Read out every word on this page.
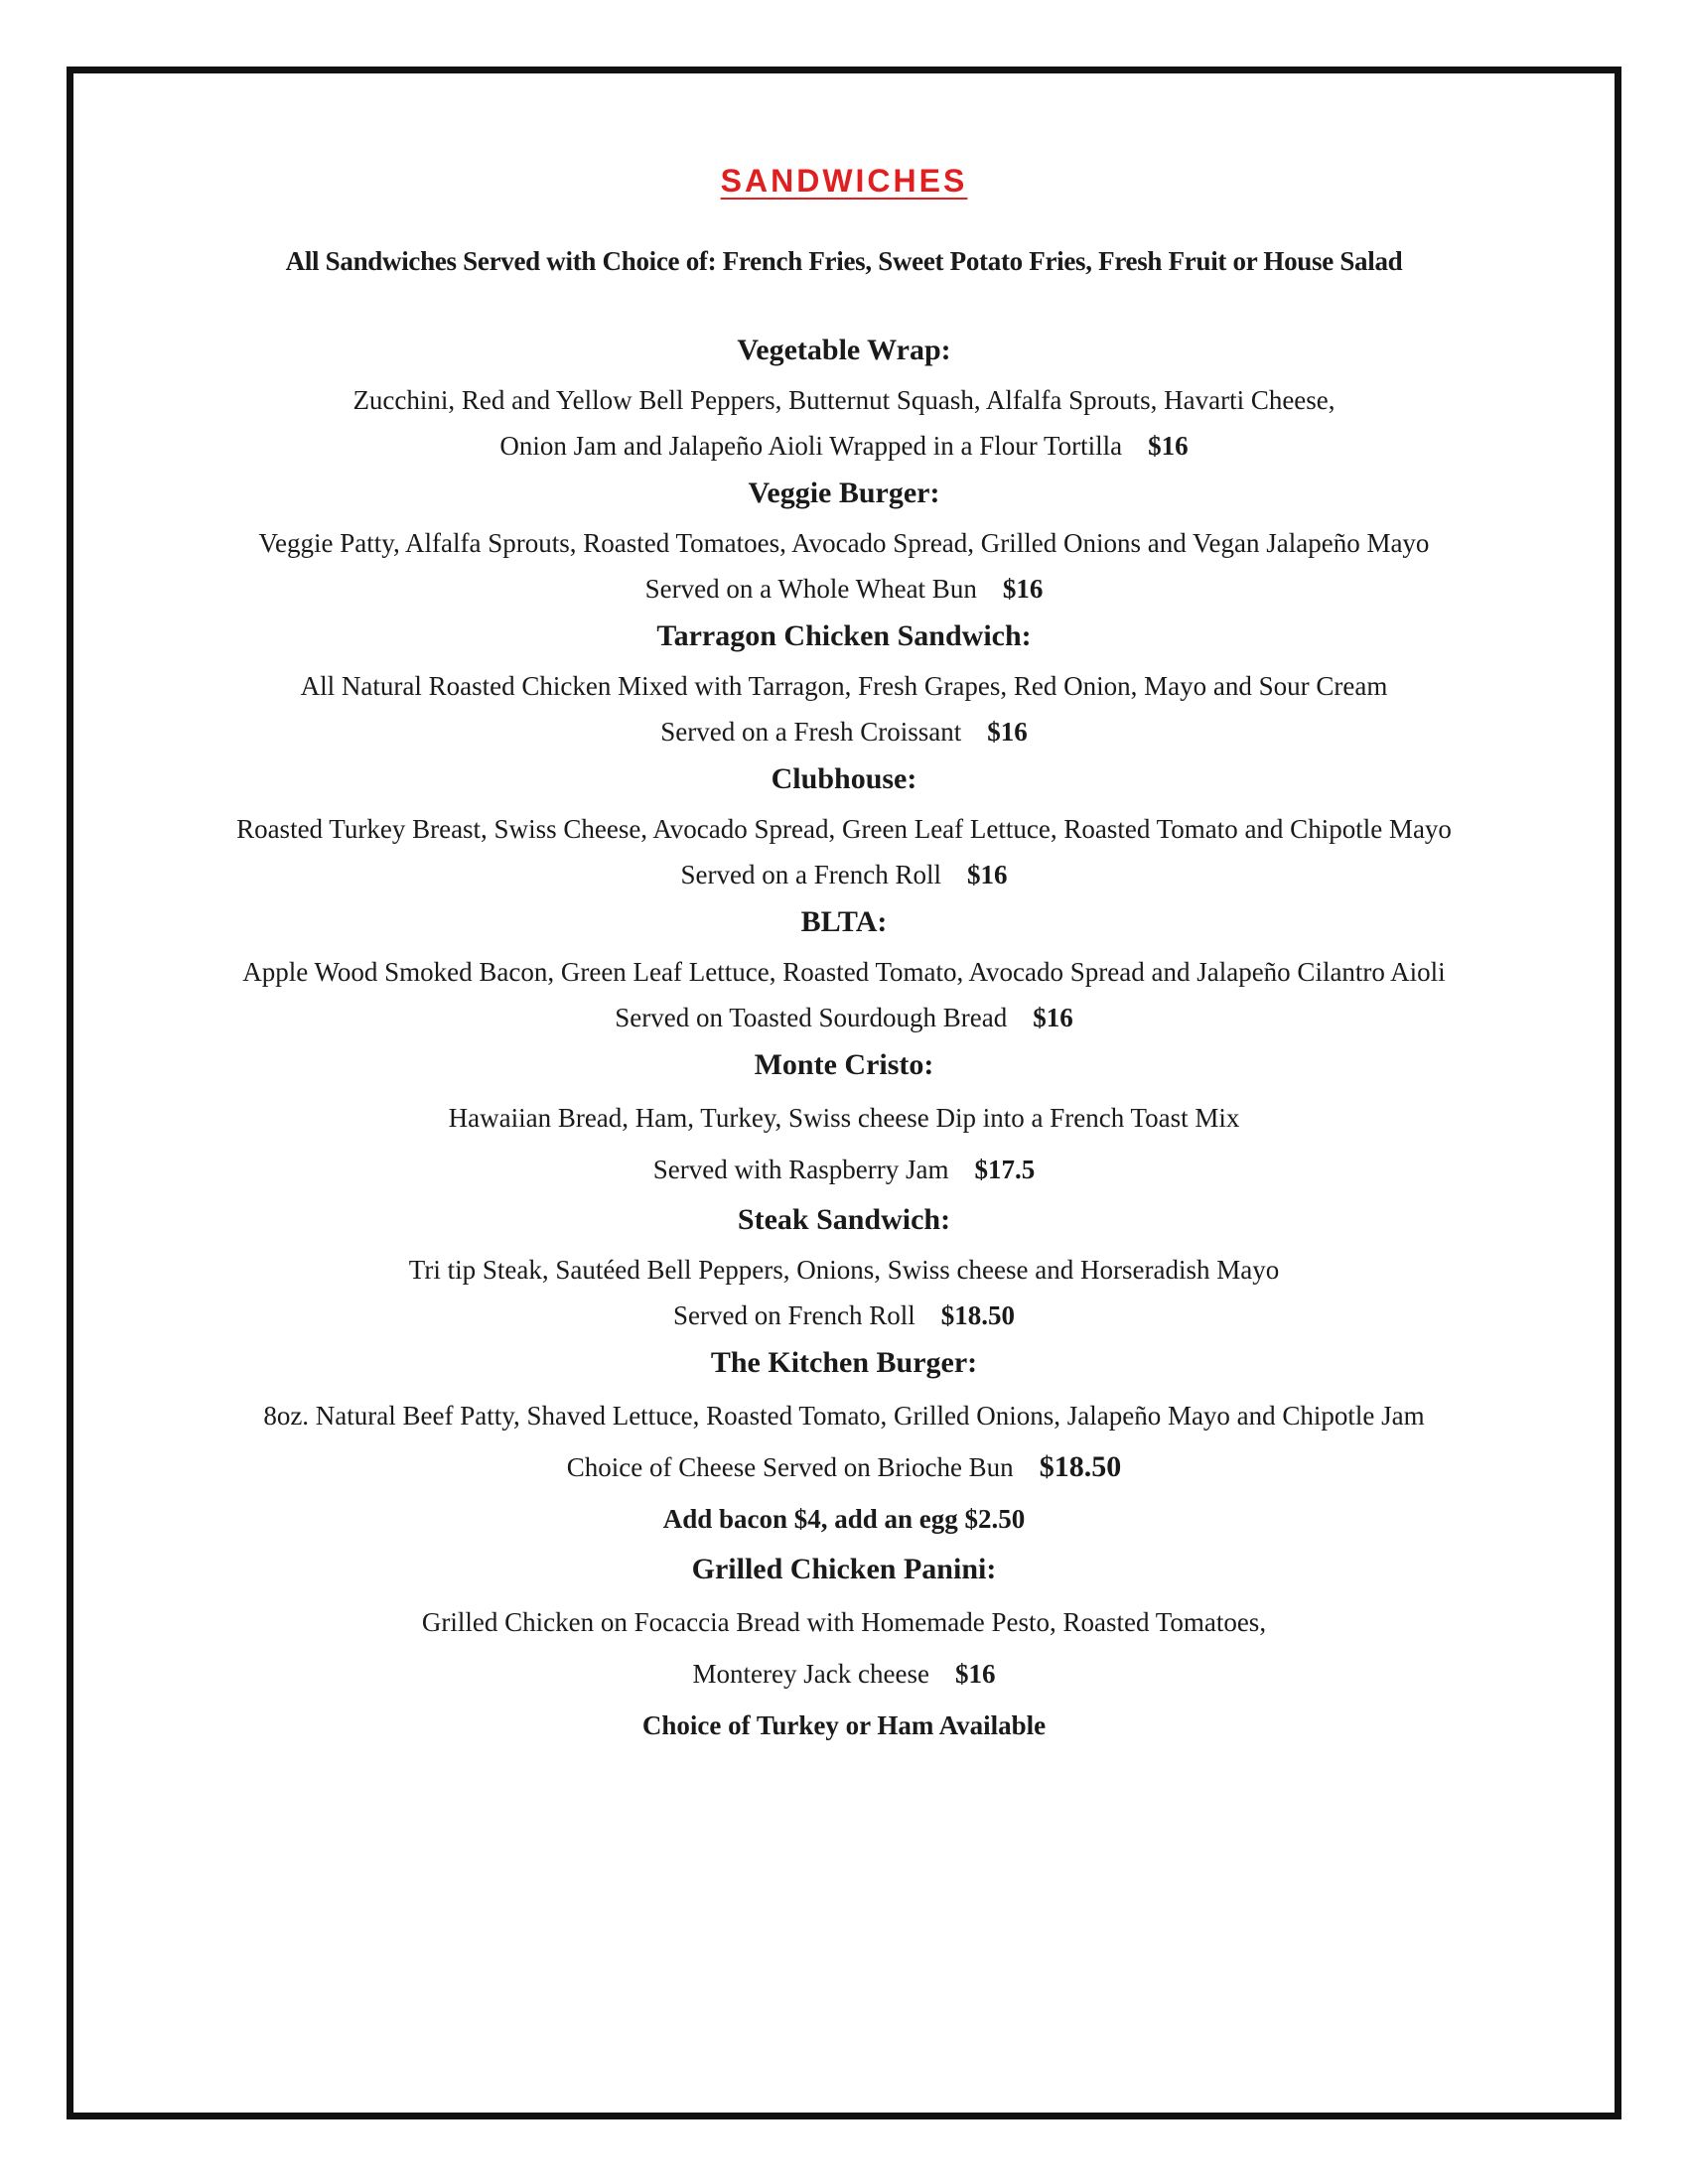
SANDWICHES
All Sandwiches Served with Choice of: French Fries, Sweet Potato Fries, Fresh Fruit or House Salad
Vegetable Wrap:
Zucchini, Red and Yellow Bell Peppers, Butternut Squash, Alfalfa Sprouts, Havarti Cheese,
Onion Jam and Jalapeño Aioli Wrapped in a Flour Tortilla $16
Veggie Burger:
Veggie Patty, Alfalfa Sprouts, Roasted Tomatoes, Avocado Spread, Grilled Onions and Vegan Jalapeño Mayo
Served on a Whole Wheat Bun $16
Tarragon Chicken Sandwich:
All Natural Roasted Chicken Mixed with Tarragon, Fresh Grapes, Red Onion, Mayo and Sour Cream
Served on a Fresh Croissant $16
Clubhouse:
Roasted Turkey Breast, Swiss Cheese, Avocado Spread, Green Leaf Lettuce, Roasted Tomato and Chipotle Mayo
Served on a French Roll $16
BLTA:
Apple Wood Smoked Bacon, Green Leaf Lettuce, Roasted Tomato, Avocado Spread and Jalapeño Cilantro Aioli
Served on Toasted Sourdough Bread $16
Monte Cristo:
Hawaiian Bread, Ham, Turkey, Swiss cheese Dip into a French Toast Mix
Served with Raspberry Jam $17.5
Steak Sandwich:
Tri tip Steak, Sautéed Bell Peppers, Onions, Swiss cheese and Horseradish Mayo
Served on French Roll $18.50
The Kitchen Burger:
8oz. Natural Beef Patty, Shaved Lettuce, Roasted Tomato, Grilled Onions, Jalapeño Mayo and Chipotle Jam
Choice of Cheese Served on Brioche Bun $18.50
Add bacon $4, add an egg $2.50
Grilled Chicken Panini:
Grilled Chicken on Focaccia Bread with Homemade Pesto, Roasted Tomatoes,
Monterey Jack cheese $16
Choice of Turkey or Ham Available
